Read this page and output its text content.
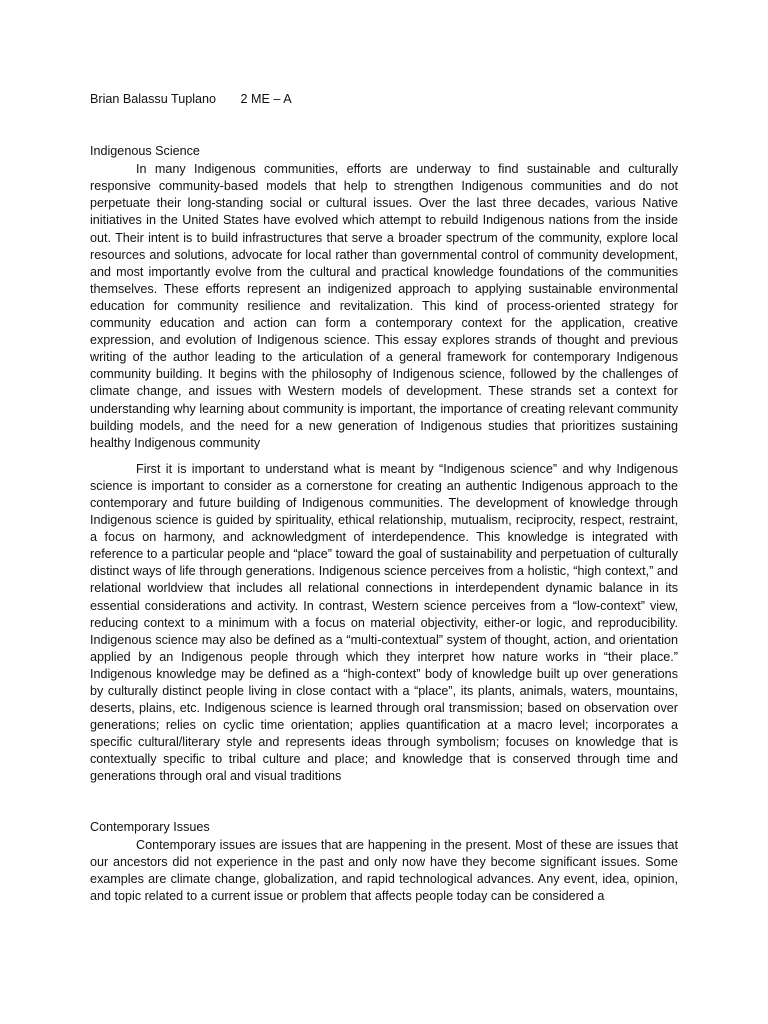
Brian Balassu Tuplano 2 ME – A
Indigenous Science

In many Indigenous communities, efforts are underway to find sustainable and culturally responsive community-based models that help to strengthen Indigenous communities and do not perpetuate their long-standing social or cultural issues. Over the last three decades, various Native initiatives in the United States have evolved which attempt to rebuild Indigenous nations from the inside out. Their intent is to build infrastructures that serve a broader spectrum of the community, explore local resources and solutions, advocate for local rather than governmental control of community development, and most importantly evolve from the cultural and practical knowledge foundations of the communities themselves. These efforts represent an indigenized approach to applying sustainable environmental education for community resilience and revitalization. This kind of process-oriented strategy for community education and action can form a contemporary context for the application, creative expression, and evolution of Indigenous science. This essay explores strands of thought and previous writing of the author leading to the articulation of a general framework for contemporary Indigenous community building. It begins with the philosophy of Indigenous science, followed by the challenges of climate change, and issues with Western models of development. These strands set a context for understanding why learning about community is important, the importance of creating relevant community building models, and the need for a new generation of Indigenous studies that prioritizes sustaining healthy Indigenous community

First it is important to understand what is meant by “Indigenous science” and why Indigenous science is important to consider as a cornerstone for creating an authentic Indigenous approach to the contemporary and future building of Indigenous communities. The development of knowledge through Indigenous science is guided by spirituality, ethical relationship, mutualism, reciprocity, respect, restraint, a focus on harmony, and acknowledgment of interdependence. This knowledge is integrated with reference to a particular people and “place” toward the goal of sustainability and perpetuation of culturally distinct ways of life through generations. Indigenous science perceives from a holistic, “high context,” and relational worldview that includes all relational connections in interdependent dynamic balance in its essential considerations and activity. In contrast, Western science perceives from a “low-context” view, reducing context to a minimum with a focus on material objectivity, either-or logic, and reproducibility. Indigenous science may also be defined as a “multi-contextual” system of thought, action, and orientation applied by an Indigenous people through which they interpret how nature works in “their place.” Indigenous knowledge may be defined as a “high-context” body of knowledge built up over generations by culturally distinct people living in close contact with a “place”, its plants, animals, waters, mountains, deserts, plains, etc. Indigenous science is learned through oral transmission; based on observation over generations; relies on cyclic time orientation; applies quantification at a macro level; incorporates a specific cultural/literary style and represents ideas through symbolism; focuses on knowledge that is contextually specific to tribal culture and place; and knowledge that is conserved through time and generations through oral and visual traditions

Contemporary Issues

Contemporary issues are issues that are happening in the present. Most of these are issues that our ancestors did not experience in the past and only now have they become significant issues. Some examples are climate change, globalization, and rapid technological advances. Any event, idea, opinion, and topic related to a current issue or problem that affects people today can be considered a
